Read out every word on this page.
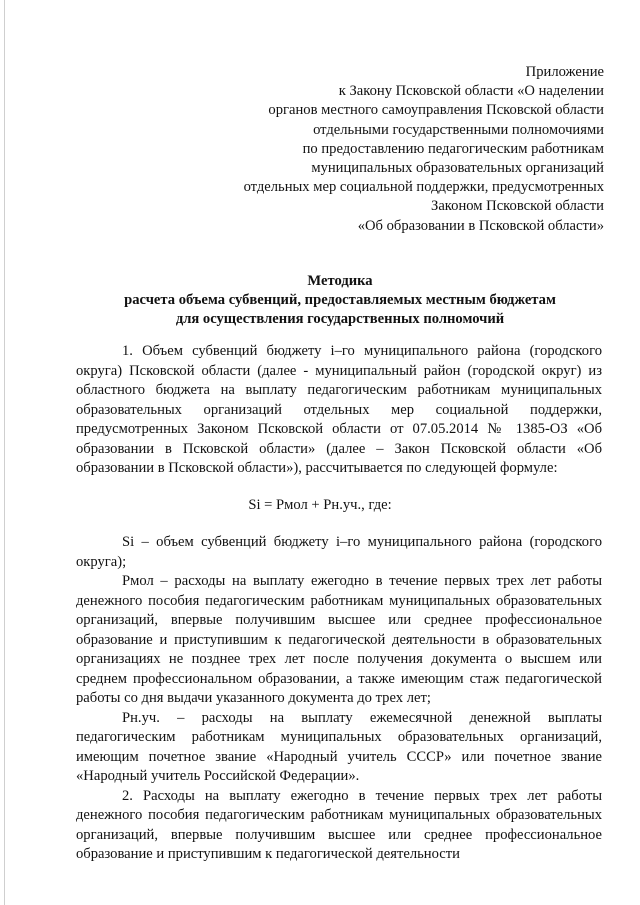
Приложение
к Закону Псковской области «О наделении
органов местного самоуправления Псковской области
отдельными государственными полномочиями
по предоставлению педагогическим работникам
муниципальных образовательных организаций
отдельных мер социальной поддержки, предусмотренных
Законом Псковской области
«Об образовании в Псковской области»
Методика
расчета объема субвенций, предоставляемых местным бюджетам
для осуществления государственных полномочий

1. Объем субвенций бюджету i–го муниципального района (городского округа) Псковской области (далее - муниципальный район (городской округ) из областного бюджета на выплату педагогическим работникам муниципальных образовательных организаций отдельных мер социальной поддержки, предусмотренных Законом Псковской области от 07.05.2014 № 1385-ОЗ «Об образовании в Псковской области» (далее – Закон Псковской области «Об образовании в Псковской области»), рассчитывается по следующей формуле:

Si = Рмол + Рн.уч., где:

Si – объем субвенций бюджету i–го муниципального района (городского округа);

Рмол – расходы на выплату ежегодно в течение первых трех лет работы денежного пособия педагогическим работникам муниципальных образовательных организаций, впервые получившим высшее или среднее профессиональное образование и приступившим к педагогической деятельности в образовательных организациях не позднее трех лет после получения документа о высшем или среднем профессиональном образовании, а также имеющим стаж педагогической работы со дня выдачи указанного документа до трех лет;

Рн.уч. – расходы на выплату ежемесячной денежной выплаты педагогическим работникам муниципальных образовательных организаций, имеющим почетное звание «Народный учитель СССР» или почетное звание «Народный учитель Российской Федерации».

2. Расходы на выплату ежегодно в течение первых трех лет работы денежного пособия педагогическим работникам муниципальных образовательных организаций, впервые получившим высшее или среднее профессиональное образование и приступившим к педагогической деятельности
